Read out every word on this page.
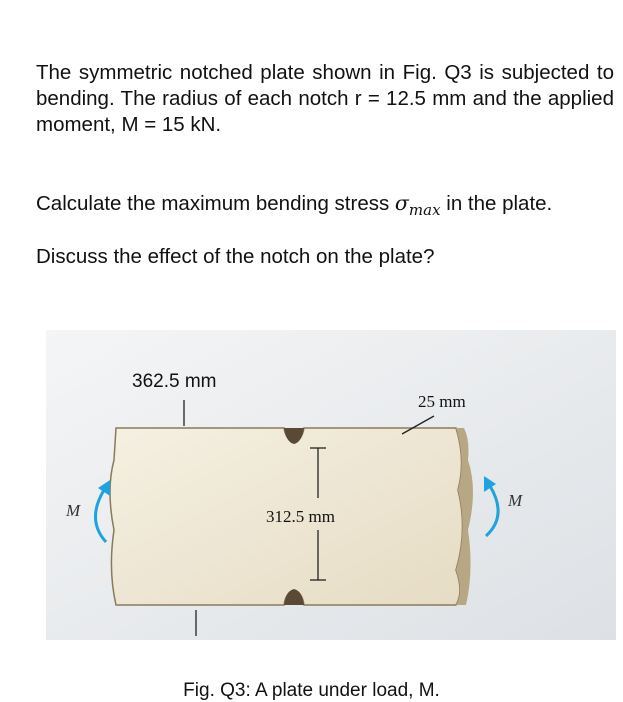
The symmetric notched plate shown in Fig. Q3 is subjected to bending. The radius of each notch r = 12.5 mm and the applied moment, M = 15 kN.

Calculate the maximum bending stress $\sigma_{max}$ in the plate.

Discuss the effect of the notch on the plate?

362.5 mm
25 mm
312.5 mm
M
M
Fig. Q3: A plate under load, M.
